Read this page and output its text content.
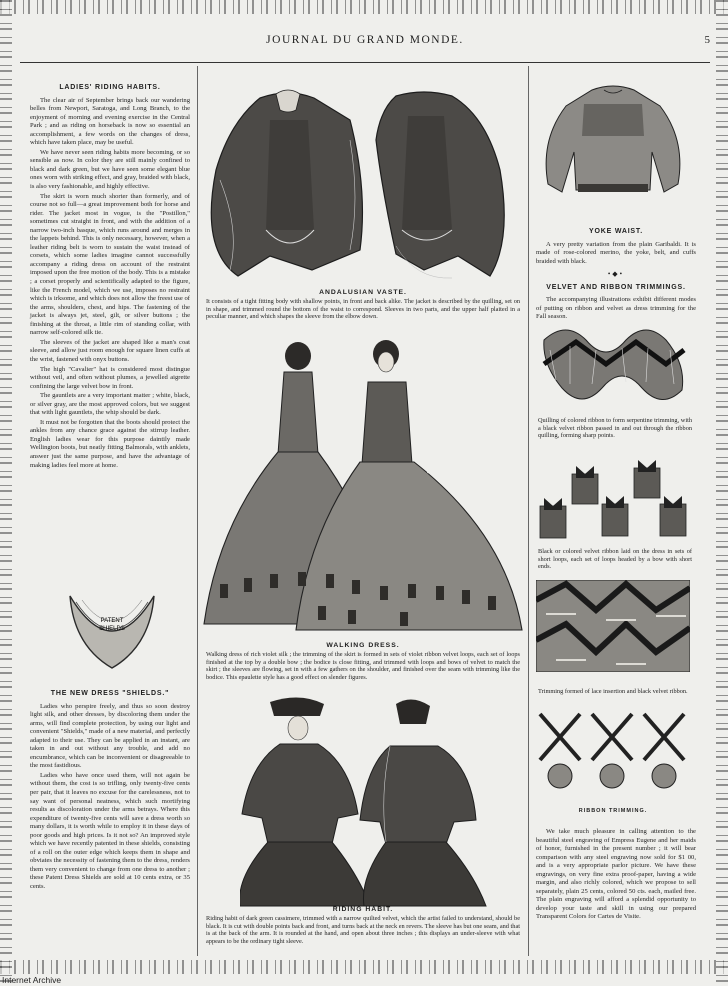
JOURNAL DU GRAND MONDE.	5
LADIES' RIDING HABITS.

The clear air of September brings back our wandering belles from Newport, Saratoga, and Long Branch, to the enjoyment of morning and evening exercise in the Central Park ; and as riding on horseback is now so essential an accomplishment, a few words on the changes of dress, which have taken place, may be useful.

We have never seen riding habits more becoming, or so sensible as now. In color they are still mainly confined to black and dark green, but we have seen some elegant blue ones worn with striking effect, and gray, braided with black, is also very fashionable, and highly effective.

The skirt is worn much shorter than formerly, and of course not so full—a great improvement both for horse and rider. The jacket most in vogue, is the "Postillon," sometimes cut straight in front, and with the addition of a narrow two-inch basque, which runs around and merges in the lappets behind. This is only necessary, however, when a leather riding belt is worn to sustain the waist instead of corsets, which some ladies imagine cannot successfully accompany a riding dress on account of the restraint imposed upon the free motion of the body. This is a mistake ; a corset properly and scientifically adapted to the figure, like the French model, which we use, imposes no restraint which is irksome, and which does not allow the freest use of the arms, shoulders, chest, and hips. The fastening of the jacket is always jet, steel, gilt, or silver buttons ; the finishing at the throat, a little rim of standing collar, with narrow self-colored silk tie.

The sleeves of the jacket are shaped like a man's coat sleeve, and allow just room enough for square linen cuffs at the wrist, fastened with onyx buttons.

The high "Cavalier" hat is considered most distingue without veil, and often without plumes, a jewelled aigrette confining the large velvet bow in front.

The gauntlets are a very important matter ; white, black, or silver gray, are the most approved colors, but we suggest that with light gauntlets, the whip should be dark.

It must not be forgotten that the boots should protect the ankles from any chance grace against the stirrup leather. English ladies wear for this purpose daintily made Wellington boots, but neatly fitting Balmorals, with anklets, answer just the same purpose, and have the advantage of making ladies feel more at home.

PATENT
SHIELDS
THE NEW DRESS "SHIELDS."

Ladies who perspire freely, and thus so soon destroy light silk, and other dresses, by discoloring them under the arms, will find complete protection, by using our light and convenient "Shields," made of a new material, and perfectly adapted to their use. They can be applied in an instant, are taken in and out without any trouble, and add no encumbrance, which can be inconvenient or disagreeable to the most fastidious.

Ladies who have once used them, will not again be without them, the cost is so trifling, only twenty-five cents per pair, that it leaves no excuse for the carelessness, not to say want of personal neatness, which such mortifying results as discoloration under the arms betrays. Where this expenditure of twenty-five cents will save a dress worth so many dollars, it is worth while to employ it in these days of poor goods and high prices. Is it not so? An improved style which we have recently patented in these shields, consisting of a roll on the outer edge which keeps them in shape and obviates the necessity of fastening them to the dress, renders them very convenient to change from one dress to another ; these Patent Dress Shields are sold at 10 cents extra, or 35 cents.

ANDALUSIAN VASTE.
It consists of a tight fitting body with shallow points, in front and back alike. The jacket is described by the quilling, set on in shape, and trimmed round the bottom of the waist to correspond. Sleeves in two parts, and the upper half plaited in a peculiar manner, and which shapes the sleeve from the elbow down.
WALKING DRESS.
Walking dress of rich violet silk ; the trimming of the skirt is formed in sets of violet ribbon velvet loops, each set of loops finished at the top by a double bow ; the bodice is close fitting, and trimmed with loops and bows of velvet to match the skirt ; the sleeves are flowing, set in with a few gathers on the shoulder, and finished over the seam with trimming like the bodice. This epaulette style has a good effect on slender figures.
RIDING HABIT.
Riding habit of dark green cassimere, trimmed with a narrow quilted velvet, which the artist failed to understand, should be black. It is cut with double points back and front, and turns back at the neck en revers. The sleeve has but one seam, and that is at the back of the arm. It is rounded at the hand, and open about three inches ; this displays an under-sleeve with what appears to be the ordinary tight sleeve.
YOKE WAIST.

A very pretty variation from the plain Garibaldi. It is made of rose-colored merino, the yoke, belt, and cuffs braided with black.

•◆•
VELVET AND RIBBON TRIMMINGS.

The accompanying illustrations exhibit different modes of putting on ribbon and velvet as dress trimming for the Fall season.

Quilling of colored ribbon to form serpentine trimming, with a black velvet ribbon passed in and out through the ribbon quilling, forming sharp points.
Black or colored velvet ribbon laid on the dress in sets of short loops, each set of loops headed by a bow with short ends.
Trimming formed of lace insertion and black velvet ribbon.
RIBBON TRIMMING.

We take much pleasure in calling attention to the beautiful steel engraving of Empress Eugene and her maids of honor, furnished in the present number ; it will bear comparison with any steel engraving now sold for $1 00, and is a very appropriate parlor picture. We have these engravings, on very fine extra proof-paper, having a wide margin, and also richly colored, which we propose to sell separately, plain 25 cents, colored 50 cts. each, mailed free. The plain engraving will afford a splendid opportunity to develop your taste and skill in using our prepared Transparent Colors for Cartes de Visite.

Internet Archive
